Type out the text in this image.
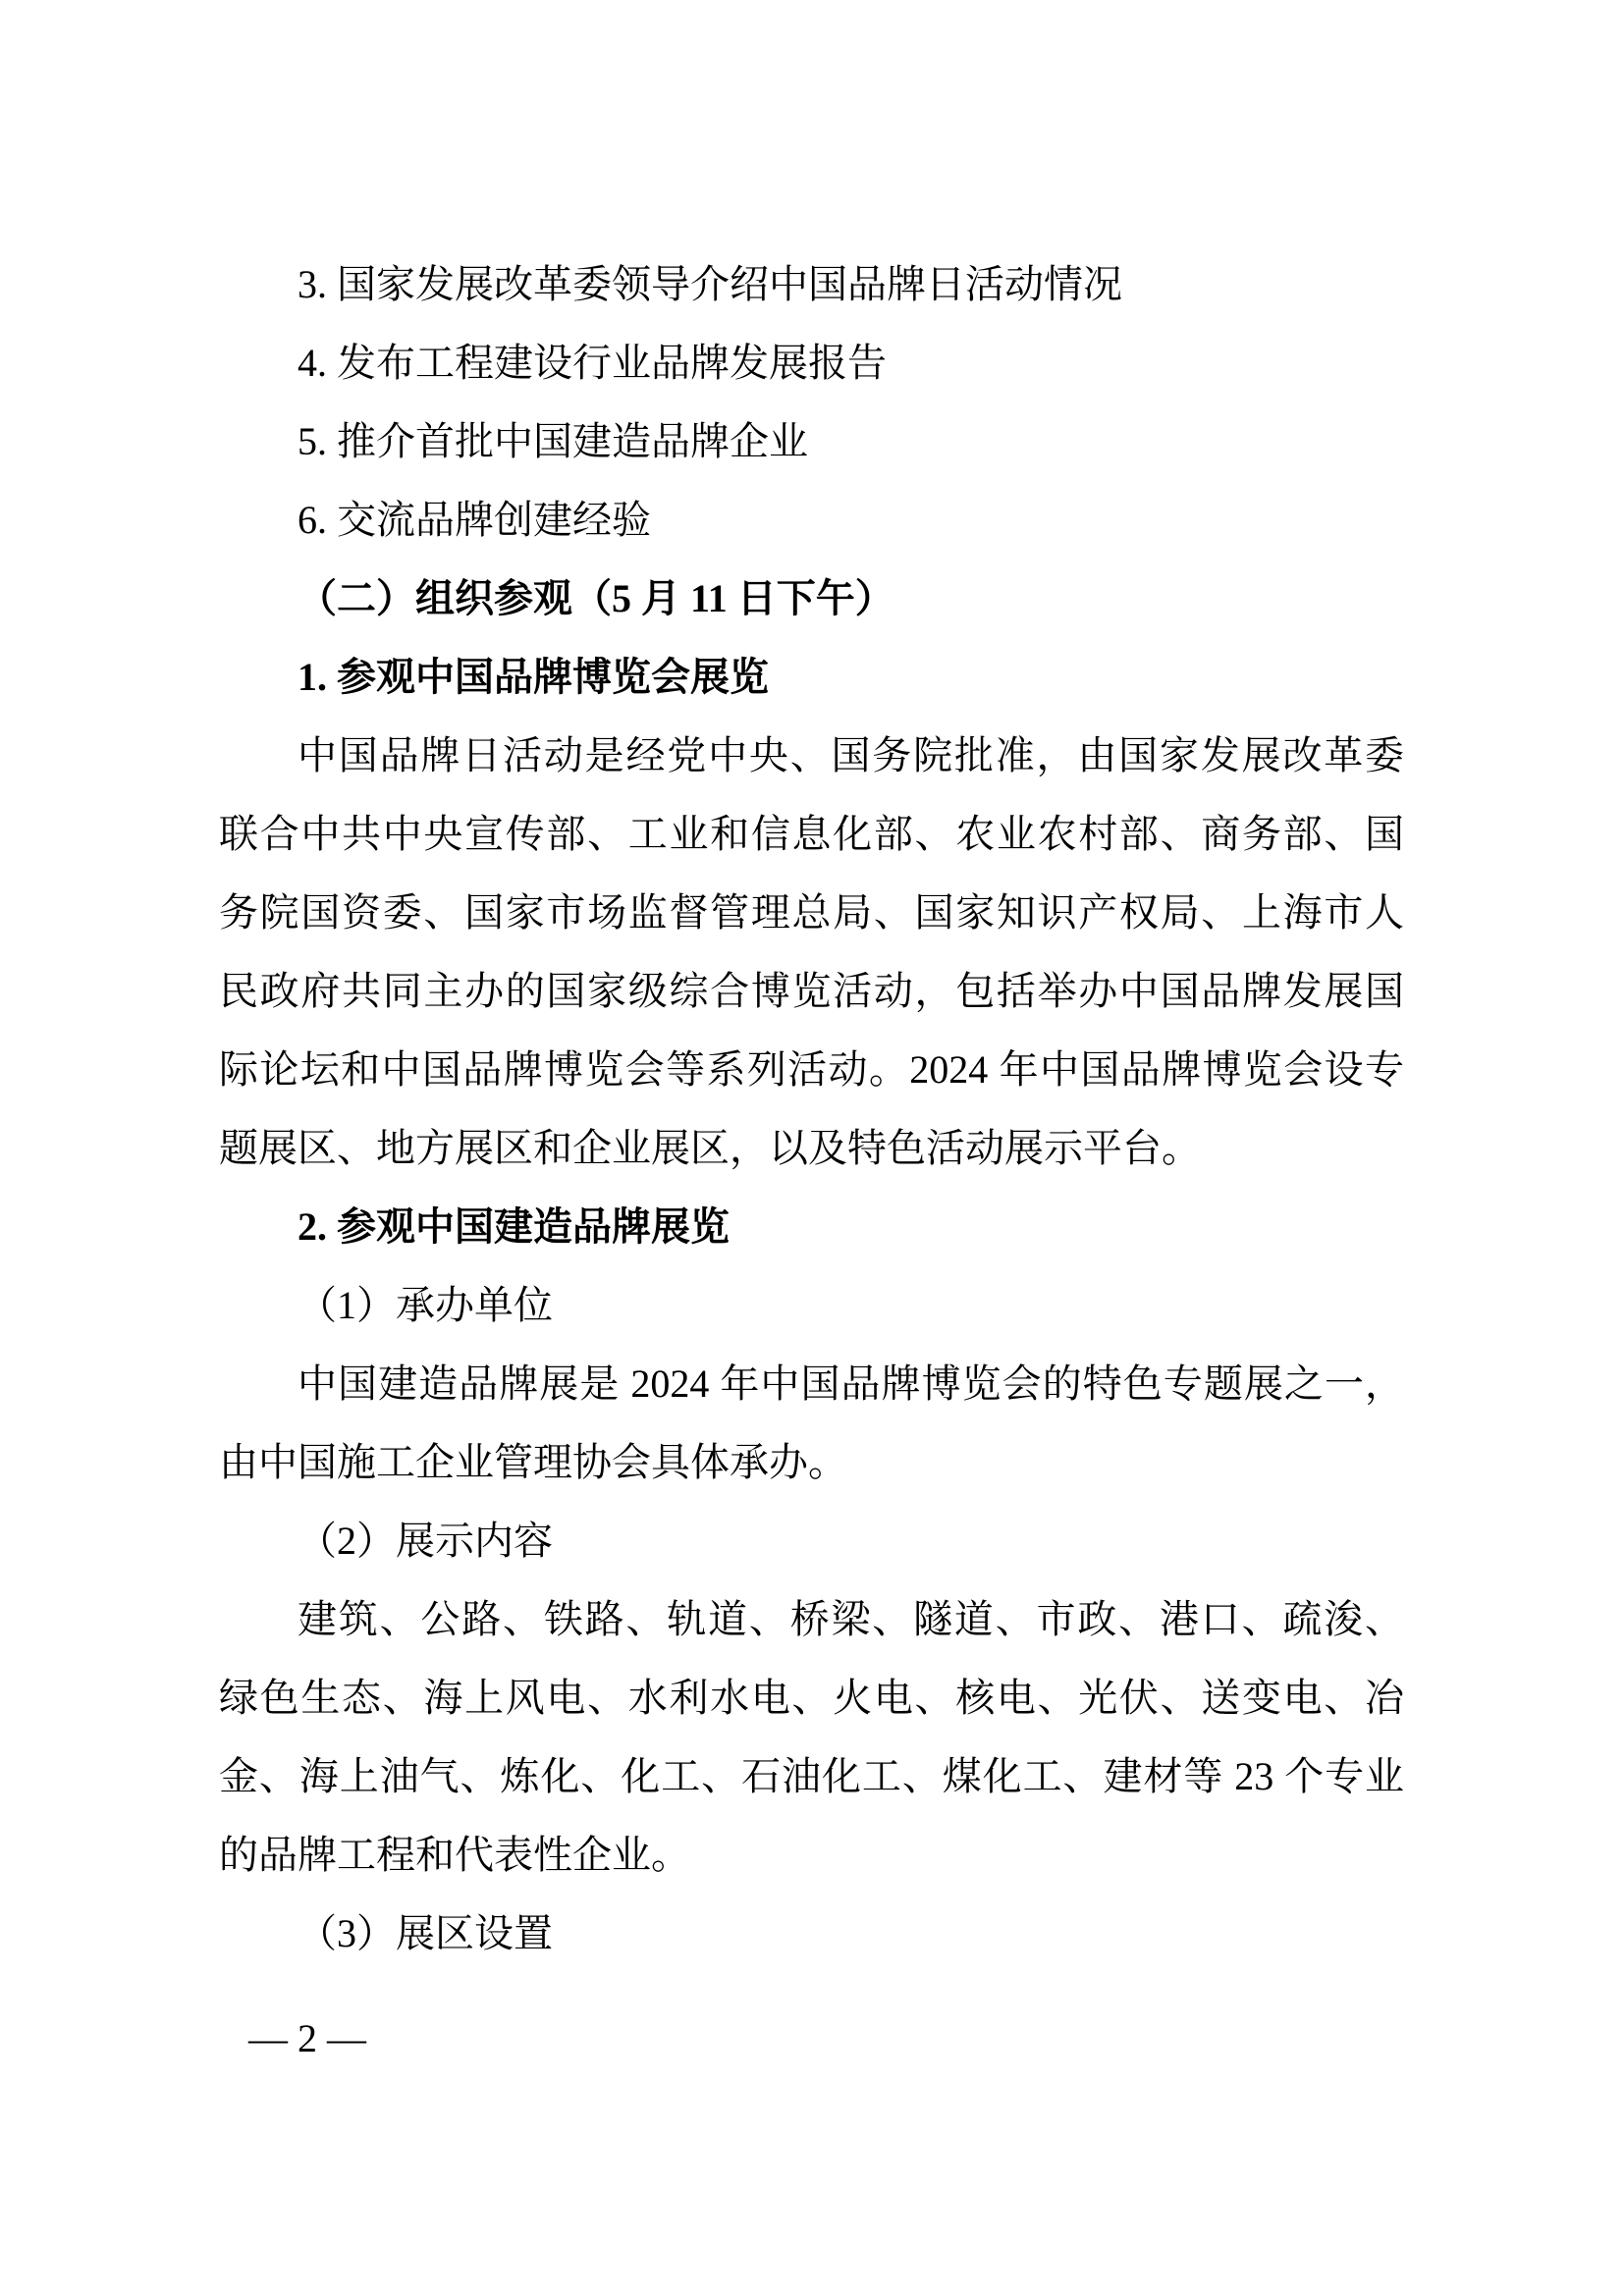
3. 国家发展改革委领导介绍中国品牌日活动情况
4. 发布工程建设行业品牌发展报告
5. 推介首批中国建造品牌企业
6. 交流品牌创建经验
（二）组织参观（5 月 11 日下午）
1. 参观中国品牌博览会展览
中国品牌日活动是经党中央、国务院批准，由国家发展改革委
联合中共中央宣传部、工业和信息化部、农业农村部、商务部、国
务院国资委、国家市场监督管理总局、国家知识产权局、上海市人
民政府共同主办的国家级综合博览活动，包括举办中国品牌发展国
际论坛和中国品牌博览会等系列活动。2024 年中国品牌博览会设专
题展区、地方展区和企业展区，以及特色活动展示平台。
2. 参观中国建造品牌展览
（1）承办单位
中国建造品牌展是 2024 年中国品牌博览会的特色专题展之一，
由中国施工企业管理协会具体承办。
（2）展示内容
建筑、公路、铁路、轨道、桥梁、隧道、市政、港口、疏浚、
绿色生态、海上风电、水利水电、火电、核电、光伏、送变电、冶
金、海上油气、炼化、化工、石油化工、煤化工、建材等 23 个专业
的品牌工程和代表性企业。
（3）展区设置
— 2 —
